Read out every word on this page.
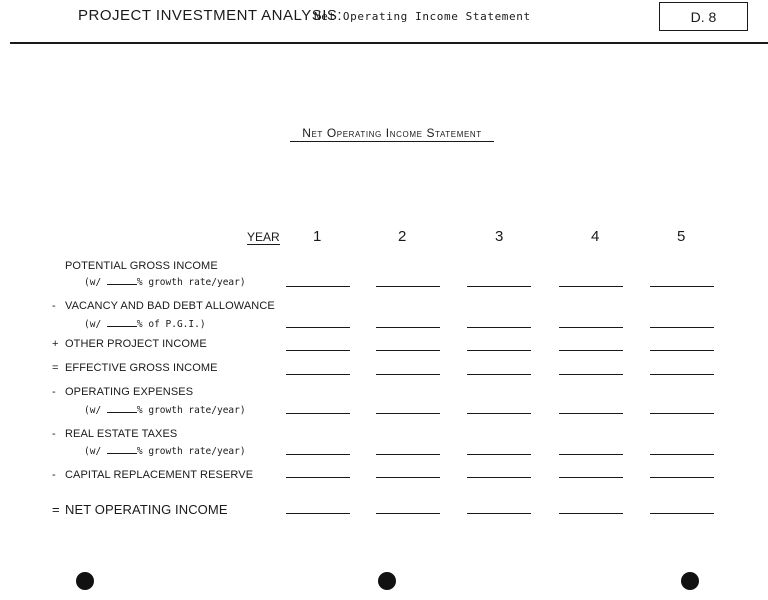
PROJECT INVESTMENT ANALYSIS:
Net Operating Income Statement	D. 8
Net Operating Income Statement
YEAR 1	2	3	4	5
POTENTIAL GROSS INCOME
(w/	% growth rate/year)
- VACANCY AND BAD DEBT ALLOWANCE
(w/	% of P.G.I.)
+ OTHER PROJECT INCOME
= EFFECTIVE GROSS INCOME
- OPERATING EXPENSES
(w/	% growth rate/year)
- REAL ESTATE TAXES
(w/	% growth rate/year)
- CAPITAL REPLACEMENT RESERVE
= NET OPERATING INCOME
